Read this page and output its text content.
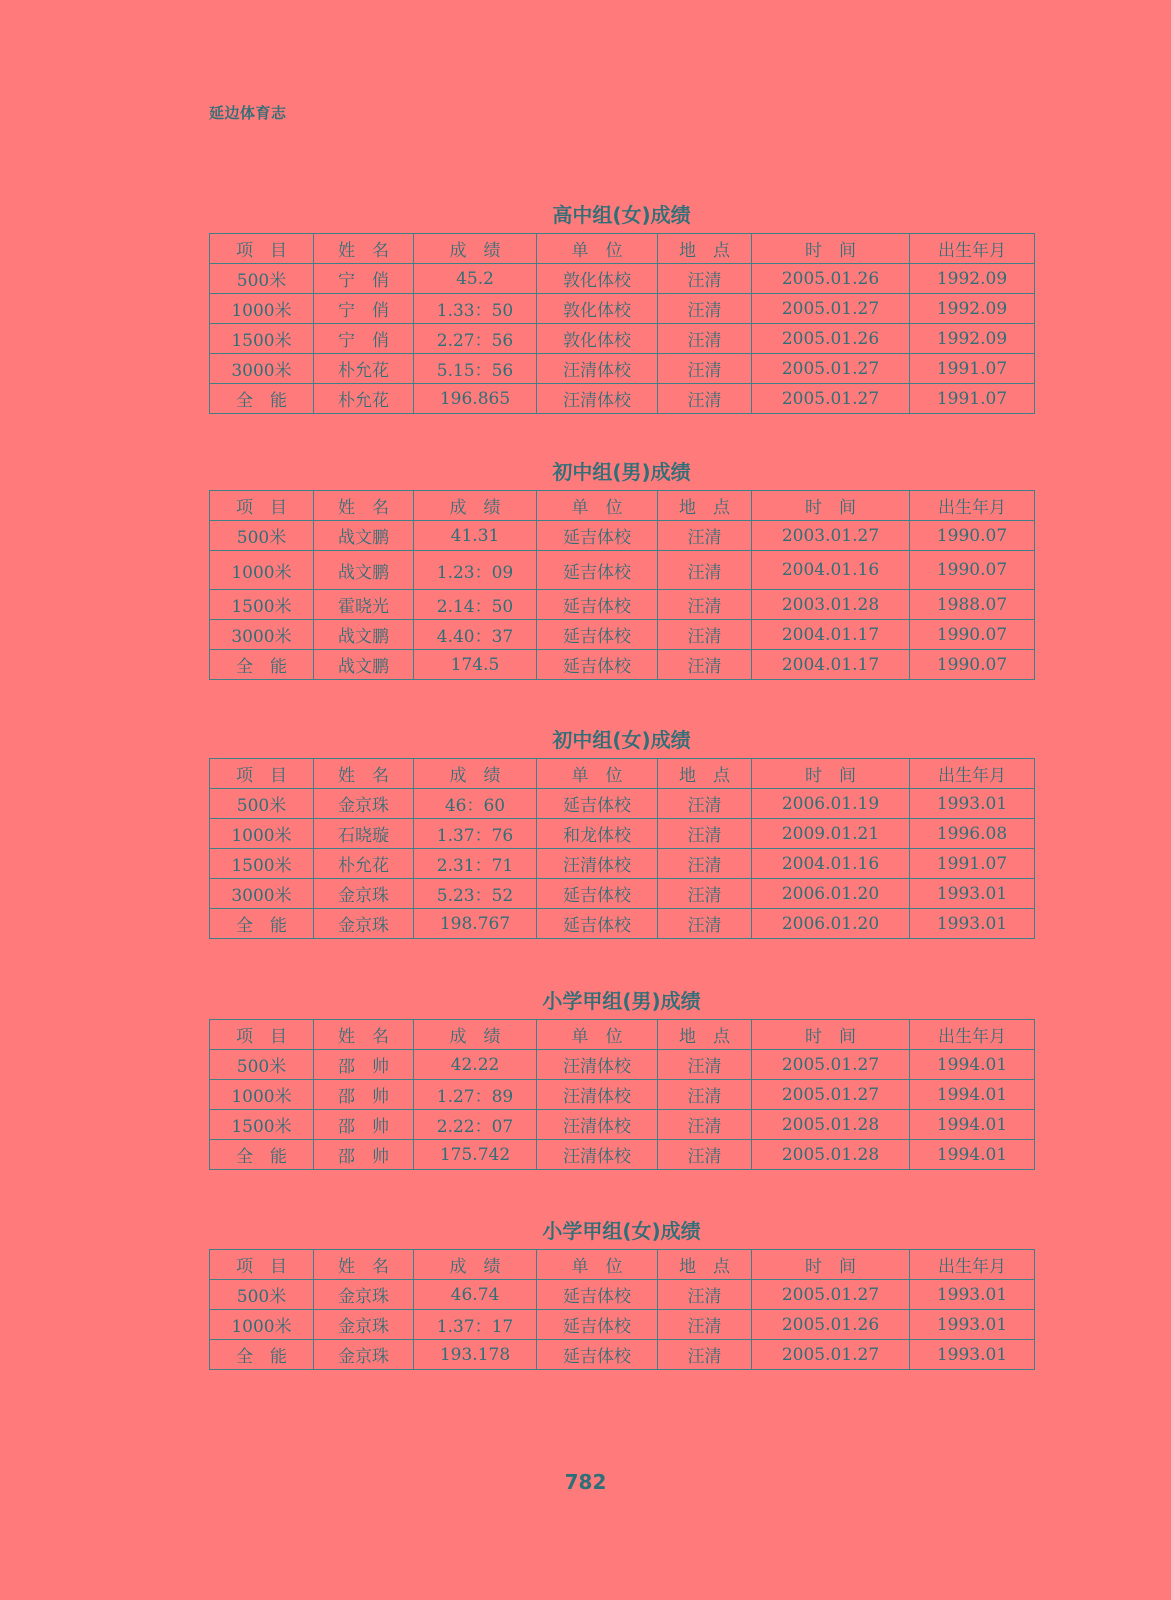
延边体育志
高中组(女)成绩
项　目	姓　名	成　绩	单　位	地　点	时　间	出生年月
500米	宁　俏	45.2	敦化体校	汪清	2005.01.26	1992.09
1000米	宁　俏	1.33：50	敦化体校	汪清	2005.01.27	1992.09
1500米	宁　俏	2.27：56	敦化体校	汪清	2005.01.26	1992.09
3000米	朴允花	5.15：56	汪清体校	汪清	2005.01.27	1991.07
全　能	朴允花	196.865	汪清体校	汪清	2005.01.27	1991.07
初中组(男)成绩
项　目	姓　名	成　绩	单　位	地　点	时　间	出生年月
500米	战文鹏	41.31	延吉体校	汪清	2003.01.27	1990.07
1000米	战文鹏	1.23：09	延吉体校	汪清	2004.01.16	1990.07
1500米	霍晓光	2.14：50	延吉体校	汪清	2003.01.28	1988.07
3000米	战文鹏	4.40：37	延吉体校	汪清	2004.01.17	1990.07
全　能	战文鹏	174.5	延吉体校	汪清	2004.01.17	1990.07
初中组(女)成绩
项　目	姓　名	成　绩	单　位	地　点	时　间	出生年月
500米	金京珠	46：60	延吉体校	汪清	2006.01.19	1993.01
1000米	石晓璇	1.37：76	和龙体校	汪清	2009.01.21	1996.08
1500米	朴允花	2.31：71	汪清体校	汪清	2004.01.16	1991.07
3000米	金京珠	5.23：52	延吉体校	汪清	2006.01.20	1993.01
全　能	金京珠	198.767	延吉体校	汪清	2006.01.20	1993.01
小学甲组(男)成绩
项　目	姓　名	成　绩	单　位	地　点	时　间	出生年月
500米	邵　帅	42.22	汪清体校	汪清	2005.01.27	1994.01
1000米	邵　帅	1.27：89	汪清体校	汪清	2005.01.27	1994.01
1500米	邵　帅	2.22：07	汪清体校	汪清	2005.01.28	1994.01
全　能	邵　帅	175.742	汪清体校	汪清	2005.01.28	1994.01
小学甲组(女)成绩
项　目	姓　名	成　绩	单　位	地　点	时　间	出生年月
500米	金京珠	46.74	延吉体校	汪清	2005.01.27	1993.01
1000米	金京珠	1.37：17	延吉体校	汪清	2005.01.26	1993.01
全　能	金京珠	193.178	延吉体校	汪清	2005.01.27	1993.01
782
